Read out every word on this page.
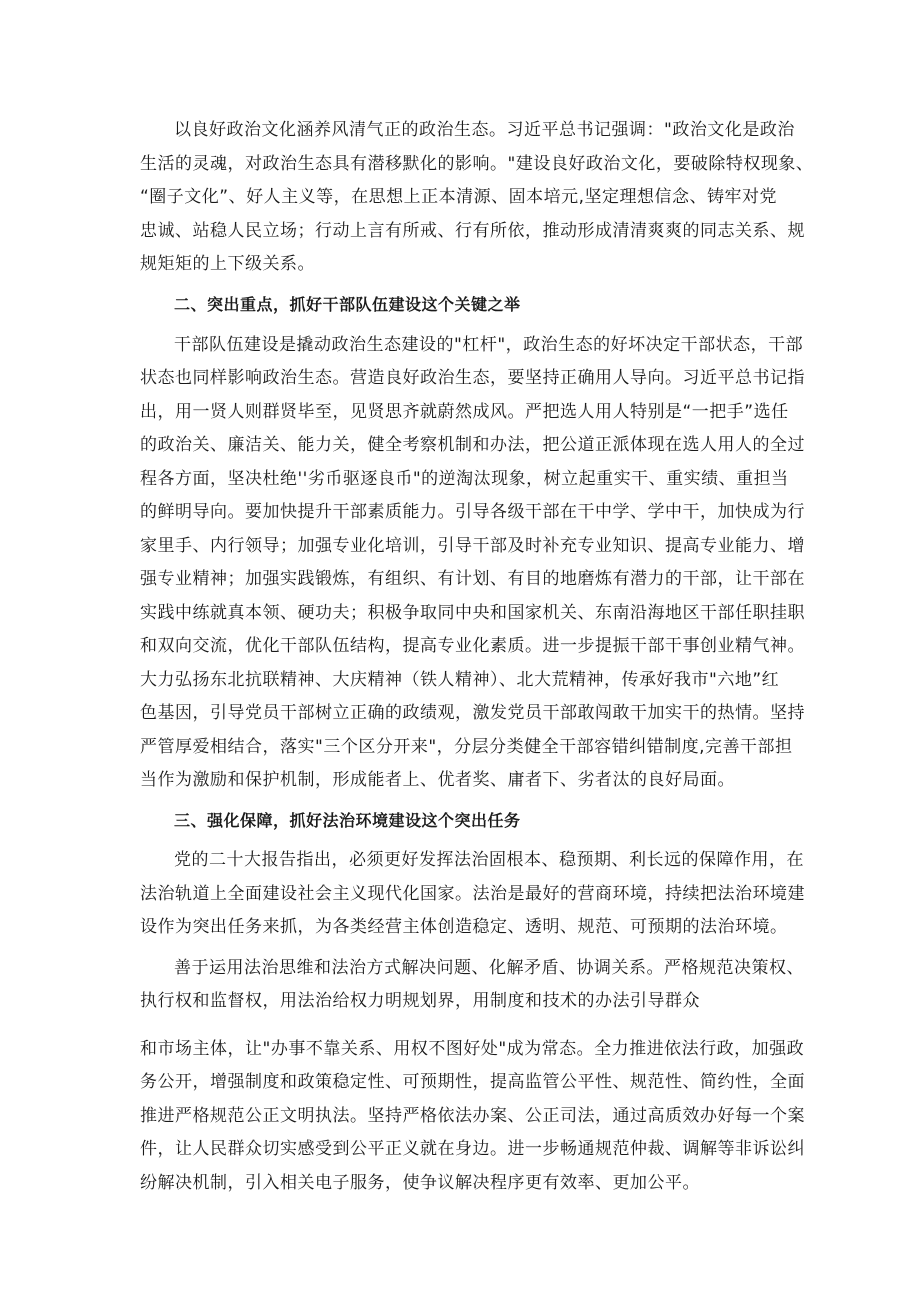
以良好政治文化涵养风清气正的政治生态。习近平总书记强调："政治文化是政治
生活的灵魂，对政治生态具有潜移默化的影响。"建设良好政治文化，要破除特权现象、
“圈子文化”、好人主义等，在思想上正本清源、固本培元,坚定理想信念、铸牢对党
忠诚、站稳人民立场；行动上言有所戒、行有所依，推动形成清清爽爽的同志关系、规
规矩矩的上下级关系。
二、突出重点，抓好干部队伍建设这个关键之举
干部队伍建设是撬动政治生态建设的"杠杆"，政治生态的好坏决定干部状态，干部
状态也同样影响政治生态。营造良好政治生态，要坚持正确用人导向。习近平总书记指
出，用一贤人则群贤毕至，见贤思齐就蔚然成风。严把选人用人特别是“一把手”选任
的政治关、廉洁关、能力关，健全考察机制和办法，把公道正派体现在选人用人的全过
程各方面，坚决杜绝''劣币驱逐良币"的逆淘汰现象，树立起重实干、重实绩、重担当
的鲜明导向。要加快提升干部素质能力。引导各级干部在干中学、学中干，加快成为行
家里手、内行领导；加强专业化培训，引导干部及时补充专业知识、提高专业能力、增
强专业精神；加强实践锻炼，有组织、有计划、有目的地磨炼有潜力的干部，让干部在
实践中练就真本领、硬功夫；积极争取同中央和国家机关、东南沿海地区干部任职挂职
和双向交流，优化干部队伍结构，提高专业化素质。进一步提振干部干事创业精气神。
大力弘扬东北抗联精神、大庆精神（铁人精神）、北大荒精神，传承好我市"六地”红
色基因，引导党员干部树立正确的政绩观，激发党员干部敢闯敢干加实干的热情。坚持
严管厚爱相结合，落实"三个区分开来"，分层分类健全干部容错纠错制度,完善干部担
当作为激励和保护机制，形成能者上、优者奖、庸者下、劣者汰的良好局面。
三、强化保障，抓好法治环境建设这个突出任务
党的二十大报告指出，必须更好发挥法治固根本、稳预期、利长远的保障作用，在
法治轨道上全面建设社会主义现代化国家。法治是最好的营商环境，持续把法治环境建
设作为突出任务来抓，为各类经营主体创造稳定、透明、规范、可预期的法治环境。
善于运用法治思维和法治方式解决问题、化解矛盾、协调关系。严格规范决策权、
执行权和监督权，用法治给权力明规划界，用制度和技术的办法引导群众
和市场主体，让"办事不靠关系、用权不图好处"成为常态。全力推进依法行政，加强政
务公开，增强制度和政策稳定性、可预期性，提高监管公平性、规范性、简约性，全面
推进严格规范公正文明执法。坚持严格依法办案、公正司法，通过高质效办好每一个案
件，让人民群众切实感受到公平正义就在身边。进一步畅通规范仲裁、调解等非诉讼纠
纷解决机制，引入相关电子服务，使争议解决程序更有效率、更加公平。
